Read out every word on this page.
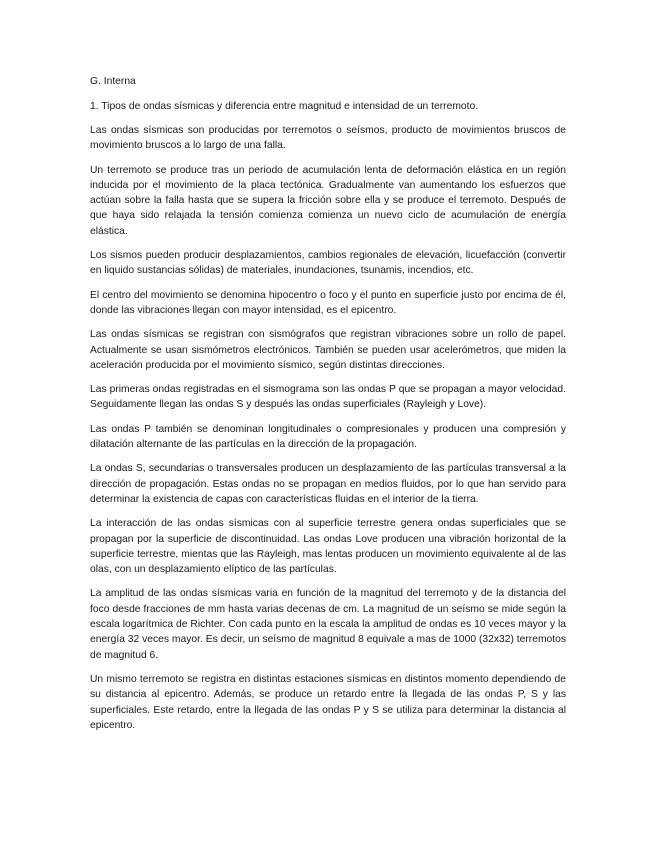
G. Interna

1. Tipos de ondas sísmicas y diferencia entre magnitud e intensidad de un terremoto.

Las ondas sísmicas son producidas por terremotos o seísmos, producto de movimientos bruscos de movimiento bruscos a lo largo de una falla.

Un terremoto se produce tras un periodo de acumulación lenta de deformación elástica en un región inducida por el movimiento de la placa tectónica. Gradualmente van aumentando los esfuerzos que actúan sobre la falla hasta que se supera la fricción sobre ella y se produce el terremoto. Después de que haya sido relajada la tensión comienza comienza un nuevo ciclo de acumulación de energía elástica.

Los sismos pueden producir desplazamientos, cambios regionales de elevación, licuefacción (convertir en liquido sustancias sólidas) de materiales, inundaciones, tsunamis, incendios, etc.

El centro del movimiento se denomina hipocentro o foco y el punto en superficie justo por encima de él, donde las vibraciones llegan con mayor intensidad, es el epicentro.

Las ondas sísmicas se registran con sismógrafos que registran vibraciones sobre un rollo de papel. Actualmente se usan sismómetros electrónicos. También se pueden usar acelerómetros, que miden la aceleración producida por el movimiento sísmico, según distintas direcciones.

Las primeras ondas registradas en el sismograma son las ondas P que se propagan a mayor velocidad. Seguidamente llegan las ondas S y después las ondas superficiales (Rayleigh y Love).

Las ondas P también se denominan longitudinales o compresionales y producen una compresión y dilatación alternante de las partículas en la dirección de la propagación.

La ondas S, secundarias o transversales producen un desplazamiento de las partículas transversal a la dirección de propagación. Estas ondas no se propagan en medios fluidos, por lo que han servido para determinar la existencia de capas con características fluidas en el interior de la tierra.

La interacción de las ondas sísmicas con al superficie terrestre genera ondas superficiales que se propagan por la superficie de discontinuidad. Las ondas Love producen una vibración horizontal de la superficie terrestre, mientas que las Rayleigh, mas lentas producen un movimiento equivalente al de las olas, con un desplazamiento elíptico de las partículas.

La amplitud de las ondas sísmicas varia en función de la magnitud del terremoto y de la distancia del foco desde fracciones de mm hasta varias decenas de cm. La magnitud de un seísmo se mide según la escala logarítmica de Richter. Con cada punto en la escala la amplitud de ondas es 10 veces mayor y la energía 32 veces mayor. Es decir, un seísmo de magnitud 8 equivale a mas de 1000 (32x32) terremotos de magnitud 6.

Un mismo terremoto se registra en distintas estaciones sísmicas en distintos momento dependiendo de su distancia al epicentro. Además, se produce un retardo entre la llegada de las ondas P, S y las superficiales. Este retardo, entre la llegada de las ondas P y S se utiliza para determinar la distancia al epicentro.
